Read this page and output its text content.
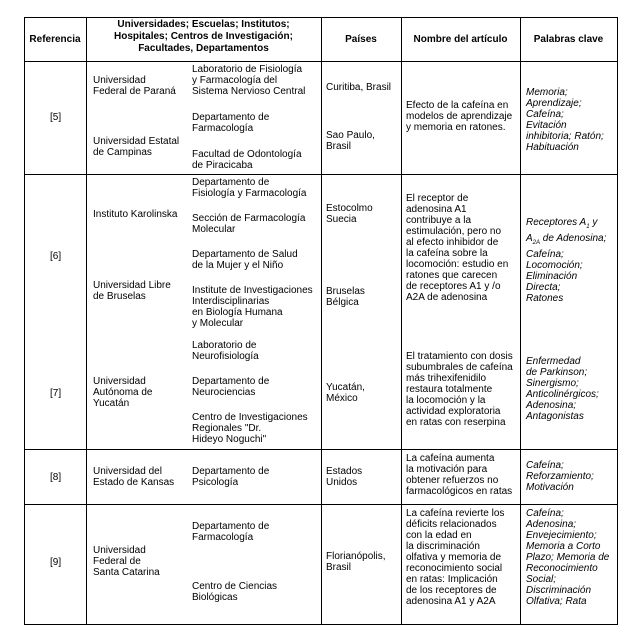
Referencia
Universidades; Escuelas; Institutos;
Hospitales; Centros de Investigación;
Facultades, Departamentos
Países	Nombre del artículo	Palabras clave
[5]
Universidad
Federal de Paraná
Universidad Estatal
de Campinas
Laboratorio de Fisiología
y Farmacología del
Sistema Nervioso Central
Departamento de
Farmacología
Facultad de Odontología
de Piracicaba
Curitiba, Brasil
Sao Paulo,
Brasil
Efecto de la cafeína en
modelos de aprendizaje
y memoria en ratones.
Memoria;
Aprendizaje;
Cafeína;
Evitación
inhibitoria; Ratón;
Habituación
[6]
Instituto Karolinska
Universidad Libre
de Bruselas
Departamento de
Fisiología y Farmacología
Sección de Farmacología
Molecular
Departamento de Salud
de la Mujer y el Niño
Institute de Investigaciones
Interdisciplinarias
en Biología Humana
y Molecular
Estocolmo
Suecia
Bruselas
Bélgica
El receptor de
adenosina A1
contribuye a la
estimulación, pero no
al efecto inhibidor de
la cafeína sobre la
locomoción: estudio en
ratones que carecen
de receptores A1 y /o
A2A de adenosina
Receptores $A_1$ y
$A_{2A}$ de Adenosina;
Cafeína;
Locomoción;
Eliminación
Directa;
Ratones
[7]
Universidad
Autónoma de
Yucatán
Laboratorio de
Neurofisiología
Departamento de
Neurociencias
Centro de Investigaciones
Regionales "Dr.
Hideyo Noguchi"
Yucatán,
México
El tratamiento con dosis
subumbrales de cafeína
más trihexifenidilo
restaura totalmente
la locomoción y la
actividad exploratoria
en ratas con reserpina
Enfermedad
de Parkinson;
Sinergismo;
Anticolinérgicos;
Adenosina;
Antagonistas
[8]
Universidad del
Estado de Kansas
Departamento de
Psicología
Estados
Unidos
La cafeína aumenta
la motivación para
obtener refuerzos no
farmacológicos en ratas
Cafeína;
Reforzamiento;
Motivación
[9]
Universidad
Federal de
Santa Catarina
Departamento de
Farmacología
Centro de Ciencias
Biológicas
Florianópolis,
Brasil
La cafeína revierte los
déficits relacionados
con la edad en
la discriminación
olfativa y memoria de
reconocimiento social
en ratas: Implicación
de los receptores de
adenosina A1 y A2A
Cafeína;
Adenosina;
Envejecimiento;
Memoria a Corto
Plazo; Memoria de
Reconocimiento
Social;
Discriminación
Olfativa; Rata
